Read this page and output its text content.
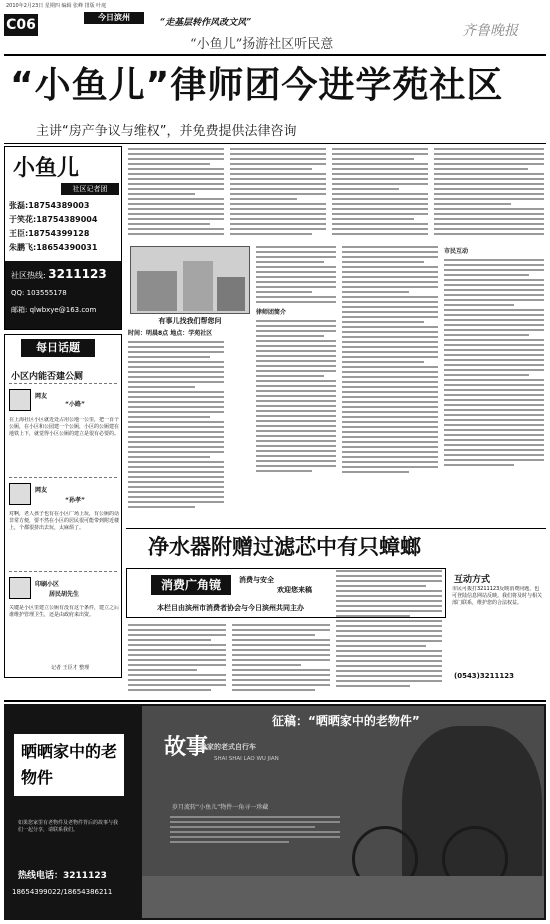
2010年2月23日 星期四 编辑 张峰 排版 叶庭
C06	今日滨州
“走基层转作风改文风”	齐鲁晚报
“小鱼儿”扬游社区听民意
“小鱼儿”律师团今进学苑社区
主讲“房产争议与维权”，并免费提供法律咨询
小鱼儿
社区记者团
张磊:18754389003
于笑花:18754389004
王臣:18754399128
朱鹏飞:18654390031
社区热线: 3211123
QQ: 103555178
邮箱: qlwbxye@163.com
每日话题
小区内能否建公厕
网友
“小路”
在上海社区小区就近处占用公地一公里，把一百个公厕，在小区和公园建一个公厕，小区的公厕建在地铁上下，就觉得小区公厕的建立是很有必要的。
网友
“孙孝”
对啊，老人孩子也有在小区广场上玩，有公厕的话非常方便，要不然在小区的居民很可能带到附近楼上，个都很挤出去玩，太麻烦了。
印刷小区
居民胡先生
关键是小区里建立公厕有没有这个条件，建立之后谁维护管理卫生，还是由政府来出资。
记者 王臣才 整理
有事儿找我们帮您问
时间：明晨8点 地点：学苑社区
律师团简介
市民互动
净水器附赠过滤芯中有只蟑螂
消费广角镜	消费与安全
欢迎您来稿
本栏目由滨州市消费者协会与今日滨州共同主办
互动方式
市民可拨打3211123反映消费问题，也可登陆信息网站反映。我们将及时与相关部门联系，维护您的合法权益。
(0543)3211123
晒晒家中的老物件
如果您家里有老物件及老物件背后的故事与我们一起分享，请联系我们。
热线电话：3211123
18654399022/18654386211
征稿：“晒晒家中的老物件”
故事
我家的老式自行车
SHAI SHAI LAO WU JIAN
岁月流转“小鱼儿”物件一角寻一珍藏
